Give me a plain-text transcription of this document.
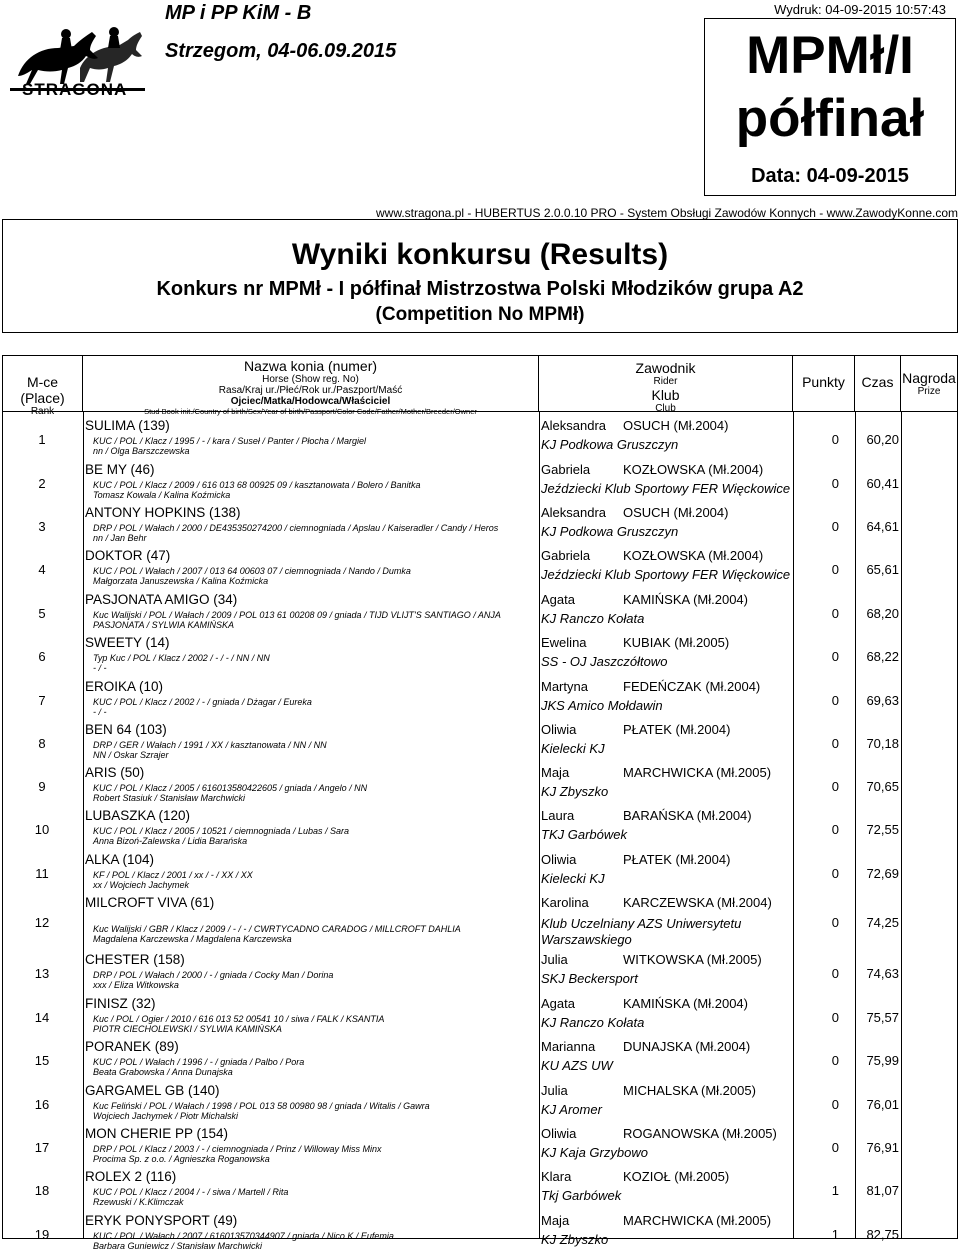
STRAGONA
MP i PP KiM - B
Strzegom, 04-06.09.2015
Wydruk: 04-09-2015 10:57:43
MPMł/I
półfinał
Data: 04-09-2015
www.stragona.pl - HUBERTUS 2.0.0.10 PRO - System Obsługi Zawodów Konnych - www.ZawodyKonne.com
Wyniki konkursu (Results)
Konkurs nr MPMł - I półfinał Mistrzostwa Polski Młodzików grupa A2
(Competition No MPMł)
M-ce (Place)
Rank
Nazwa konia (numer)
Horse (Show reg. No)
Rasa/Kraj ur./Płeć/Rok ur./Paszport/Maść
Ojciec/Matka/Hodowca/Właściciel
Stud Book init./Country of birth/Sex/Year of birth/Passport/Color Code/Father/Mother/Breeder/Owner
Zawodnik
Rider
Klub
Club
Punkty	Czas Nagroda
Prize
1
SULIMA (139)
KUC / POL / Klacz / 1995 / - / kara / Suseł / Panter / Płocha / Margiel
nn / Olga Barszczewska
Aleksandra OSUCH (Mł.2004)
KJ Podkowa Gruszczyn	0	60,20
2
BE MY (46)
KUC / POL / Klacz / 2009 / 616 013 68 00925 09 / kasztanowata / Bolero / Banitka
Tomasz Kowala / Kalina Koźmicka
Gabriela	KOZŁOWSKA (Mł.2004)
Jeździecki Klub Sportowy FER Więckowice	0	60,41
3
ANTONY HOPKINS (138)
DRP / POL / Wałach / 2000 / DE435350274200 / ciemnogniada / Apslau / Kaiseradler / Candy / Heros
nn / Jan Behr
Aleksandra OSUCH (Mł.2004)
KJ Podkowa Gruszczyn	0	64,61
4
DOKTOR (47)
KUC / POL / Wałach / 2007 / 013 64 00603 07 / ciemnogniada / Nando / Dumka
Małgorzata Januszewska / Kalina Koźmicka
Gabriela	KOZŁOWSKA (Mł.2004)
Jeździecki Klub Sportowy FER Więckowice	0	65,61
5
PASJONATA AMIGO (34)
Kuc Walijski / POL / Wałach / 2009 / POL 013 61 00208 09 / gniada / TIJD VLIJT'S SANTIAGO / ANJA
PASJONATA / SYLWIA KAMIŃSKA
Agata	KAMIŃSKA (Mł.2004)
KJ Ranczo Kołata	0	68,20
6
SWEETY (14)
Typ Kuc / POL / Klacz / 2002 / - / - / NN / NN
- / -
Ewelina	KUBIAK (Mł.2005)
SS - OJ Jaszczółtowo	0	68,22
7
EROIKA (10)
KUC / POL / Klacz / 2002 / - / gniada / Dżagar / Eureka
- / -
Martyna	FEDEŃCZAK (Mł.2004)
JKS Amico Mołdawin	0	69,63
8
BEN 64 (103)
DRP / GER / Wałach / 1991 / XX / kasztanowata / NN / NN
NN / Oskar Szrajer
Oliwia	PŁATEK (Mł.2004)
Kielecki KJ	0	70,18
9
ARIS (50)
KUC / POL / Klacz / 2005 / 616013580422605 / gniada / Angelo / NN
Robert Stasiuk / Stanisław Marchwicki
Maja	MARCHWICKA (Mł.2005)
KJ Zbyszko	0	70,65
10
LUBASZKA (120)
KUC / POL / Klacz / 2005 / 10521 / ciemnogniada / Lubas / Sara
Anna Bizoń-Zalewska / Lidia Barańska
Laura	BARAŃSKA (Mł.2004)
TKJ Garbówek	0	72,55
11
ALKA (104)
KF / POL / Klacz / 2001 / xx / - / XX / XX
xx / Wojciech Jachymek
Oliwia	PŁATEK (Mł.2004)
Kielecki KJ	0	72,69
12
MILCROFT VIVA (61)
Kuc Walijski / GBR / Klacz / 2009 / - / - / CWRTYCADNO CARADOG / MILLCROFT DAHLIA
Magdalena Karczewska / Magdalena Karczewska
Karolina	KARCZEWSKA (Mł.2004)
Klub Uczelniany AZS Uniwersytetu
Warszawskiego
0	74,25
13
CHESTER (158)
DRP / POL / Wałach / 2000 / - / gniada / Cocky Man / Dorina
xxx / Eliza Witkowska
Julia	WITKOWSKA (Mł.2005)
SKJ Beckersport	0	74,63
14
FINISZ (32)
Kuc / POL / Ogier / 2010 / 616 013 52 00541 10 / siwa / FALK / KSANTIA
PIOTR CIECHOLEWSKI / SYLWIA KAMIŃSKA
Agata	KAMIŃSKA (Mł.2004)
KJ Ranczo Kołata	0	75,57
15
PORANEK (89)
KUC / POL / Wałach / 1996 / - / gniada / Palbo / Pora
Beata Grabowska / Anna Dunajska
Marianna DUNAJSKA (Mł.2004)
KU AZS UW	0	75,99
16
GARGAMEL GB (140)
Kuc Feliński / POL / Wałach / 1998 / POL 013 58 00980 98 / gniada / Witalis / Gawra
Wojciech Jachymek / Piotr Michalski
Julia	MICHALSKA (Mł.2005)
KJ Aromer	0	76,01
17
MON CHERIE PP (154)
DRP / POL / Klacz / 2003 / - / ciemnogniada / Prinz / Willoway Miss Minx
Procima Sp. z o.o. / Agnieszka Roganowska
Oliwia	ROGANOWSKA (Mł.2005)
KJ Kaja Grzybowo	0	76,91
18
ROLEX 2 (116)
KUC / POL / Klacz / 2004 / - / siwa / Martell / Rita
Rzewuski / K.Klimczak
Klara	KOZIOŁ (Mł.2005)
Tkj Garbówek	1	81,07
19
ERYK PONYSPORT (49)
KUC / POL / Wałach / 2007 / 616013570344907 / gniada / Nico K / Eufemia
Barbara Guniewicz / Stanisław Marchwicki
Maja	MARCHWICKA (Mł.2005)
KJ Zbyszko	1	82,75
